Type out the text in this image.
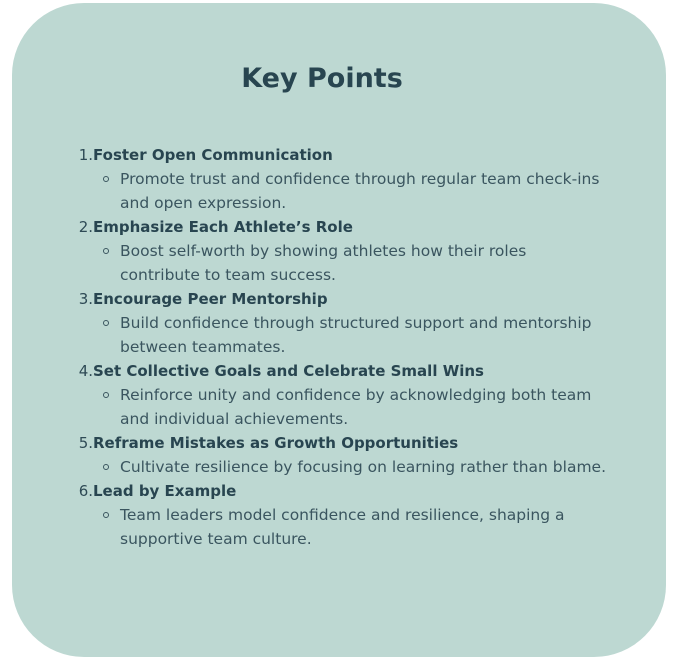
Key Points
1. Foster Open Communication
Promote trust and confidence through regular team check-ins and open expression.
2. Emphasize Each Athlete’s Role
Boost self-worth by showing athletes how their roles contribute to team success.
3. Encourage Peer Mentorship
Build confidence through structured support and mentorship between teammates.
4. Set Collective Goals and Celebrate Small Wins
Reinforce unity and confidence by acknowledging both team and individual achievements.
5. Reframe Mistakes as Growth Opportunities
Cultivate resilience by focusing on learning rather than blame.
6. Lead by Example
Team leaders model confidence and resilience, shaping a supportive team culture.
